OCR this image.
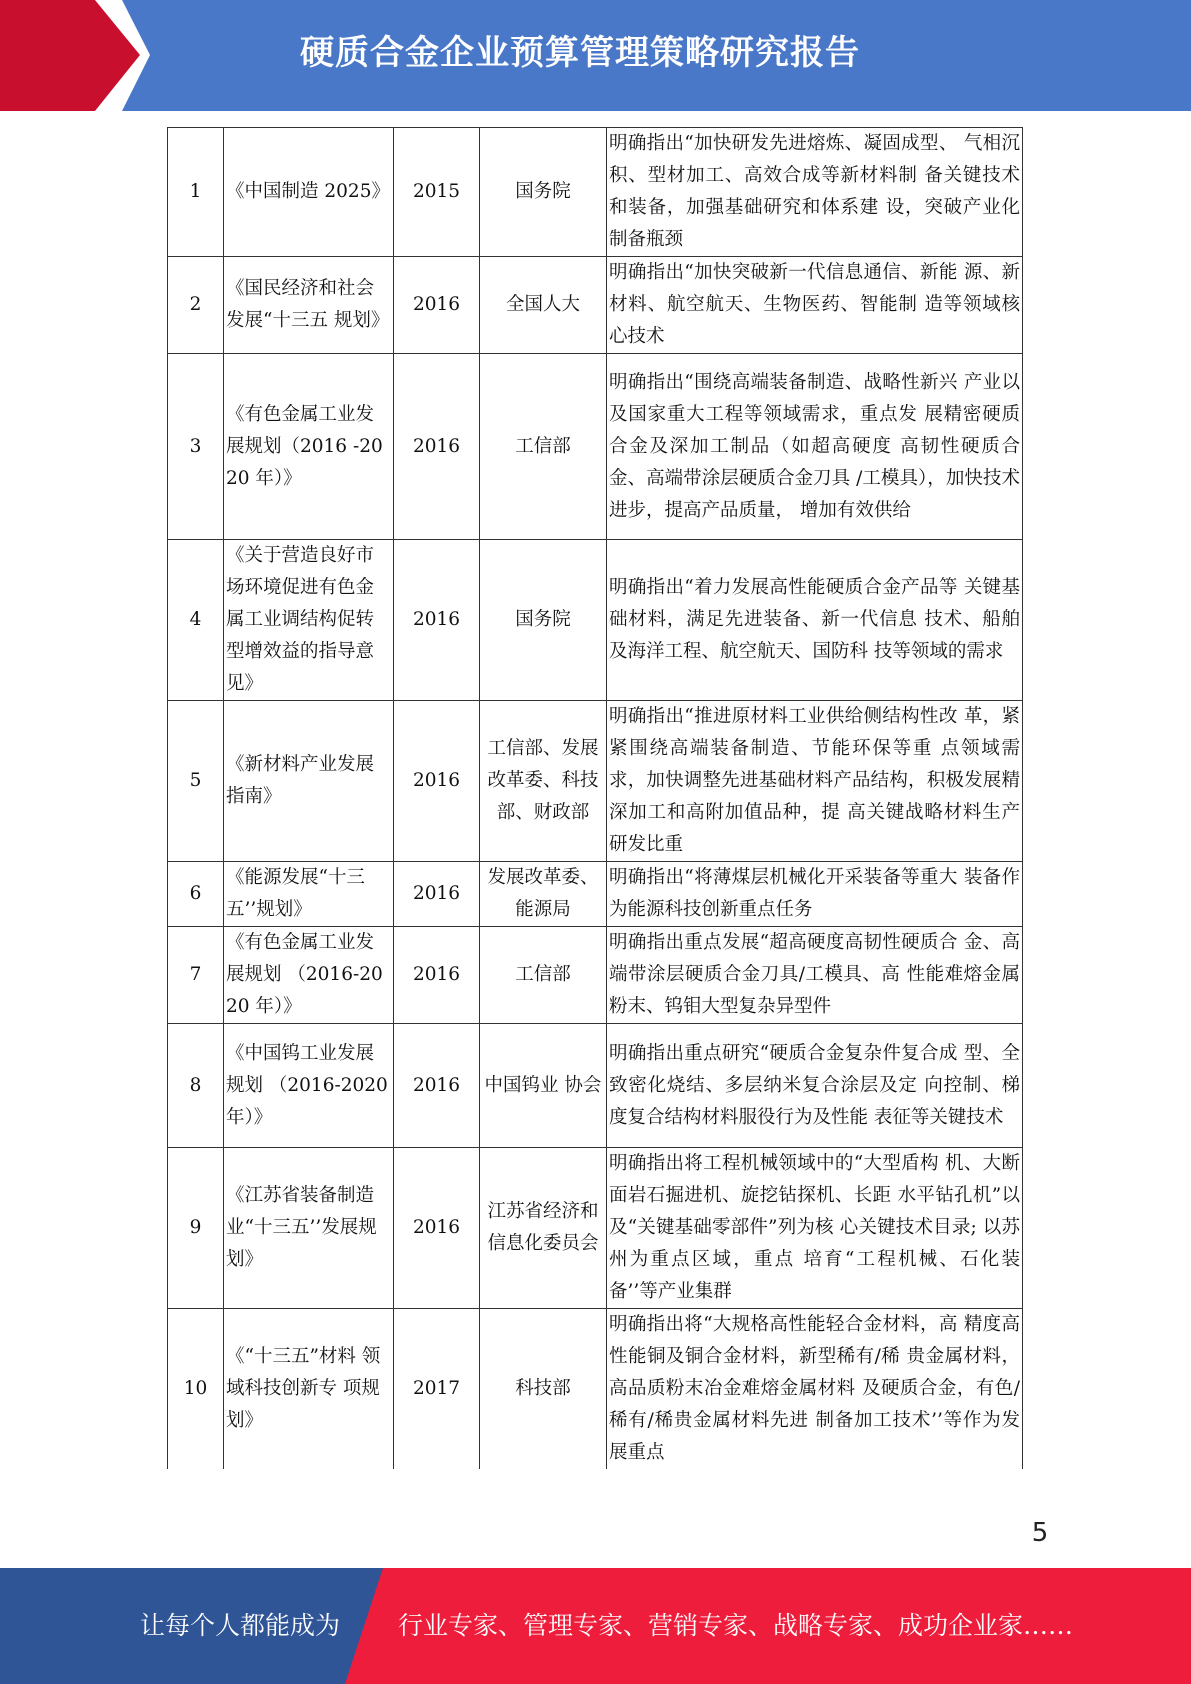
硬质合金企业预算管理策略研究报告
1	《中国制造 2025》	2015	国务院	明确指出“加快研发先进熔炼、凝固成型、 气相沉积、型材加工、高效合成等新材料制 备关键技术和装备，加强基础研究和体系建 设，突破产业化制备瓶颈
2	《国民经济和社会发展“十三五 规划》	2016	全国人大	明确指出“加快突破新一代信息通信、新能 源、新材料、航空航天、生物医药、智能制 造等领域核心技术
3	《有色金属工业发展规划（2016 -2020 年）》	2016	工信部	明确指出“围绕高端装备制造、战略性新兴 产业以及国家重大工程等领域需求，重点发 展精密硬质合金及深加工制品（如超高硬度 高韧性硬质合金、高端带涂层硬质合金刀具 /工模具），加快技术进步，提高产品质量， 增加有效供给
4	《关于营造良好市场环境促进有色金属工业调结构促转型增效益的指导意见》	2016	国务院	明确指出“着力发展高性能硬质合金产品等 关键基础材料，满足先进装备、新一代信息 技术、船舶及海洋工程、航空航天、国防科 技等领域的需求
5	《新材料产业发展指南》	2016	工信部、发展改革委、科技部、财政部	明确指出“推进原材料工业供给侧结构性改 革，紧紧围绕高端装备制造、节能环保等重 点领域需求，加快调整先进基础材料产品结构，积极发展精深加工和高附加值品种，提 高关键战略材料生产研发比重
6	《能源发展“十三五’’规划》	2016	发展改革委、能源局	明确指出“将薄煤层机械化开采装备等重大 装备作为能源科技创新重点任务
7	《有色金属工业发展规划 （2016-2020 年）》	2016	工信部	明确指出重点发展“超高硬度高韧性硬质合 金、高端带涂层硬质合金刀具/工模具、高 性能难熔金属粉末、钨钼大型复杂异型件
8	《中国钨工业发展规划 （2016-2020 年）》	2016	中国钨业 协会	明确指出重点研究“硬质合金复杂件复合成 型、全致密化烧结、多层纳米复合涂层及定 向控制、梯度复合结构材料服役行为及性能 表征等关键技术
9	《江苏省装备制造业“十三五’’发展规划》	2016	江苏省经济和信息化委员会	明确指出将工程机械领域中的“大型盾构 机、大断面岩石掘进机、旋挖钻探机、长距 水平钻孔机”以及“关键基础零部件”列为核 心关键技术目录; 以苏州为重点区域，重点 培育“工程机械、石化装备’’等产业集群
10	《“十三五”材料 领域科技创新专 项规划》	2017	科技部	明确指出将“大规格高性能轻合金材料，高 精度高性能铜及铜合金材料，新型稀有/稀 贵金属材料，高品质粉末冶金难熔金属材料 及硬质合金，有色/稀有/稀贵金属材料先进 制备加工技术’’等作为发展重点
5
让每个人都能成为 行业专家、管理专家、营销专家、战略专家、成功企业家……
